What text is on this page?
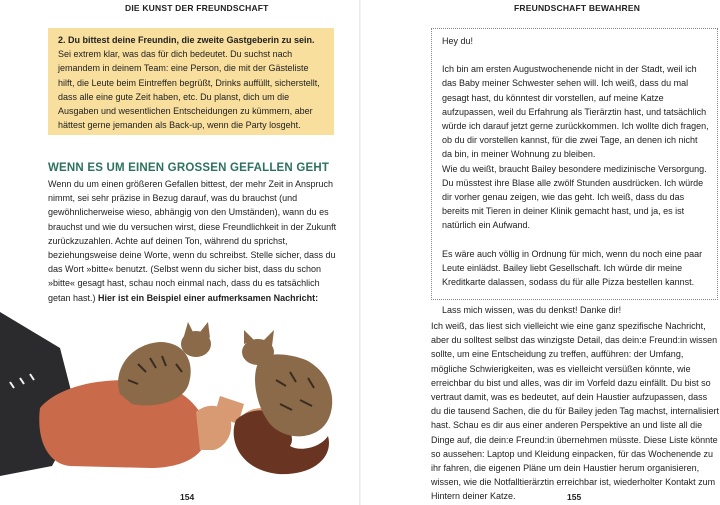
DIE KUNST DER FREUNDSCHAFT	FREUNDSCHAFT BEWAHREN

2. Du bittest deine Freundin, die zweite Gastgeberin zu sein. Sei extrem klar, was das für dich bedeutet. Du suchst nach jemandem in deinem Team: eine Person, die mit der Gästeliste hilft, die Leute beim Eintreffen begrüßt, Drinks auffüllt, sicherstellt, dass alle eine gute Zeit haben, etc. Du planst, dich um die Ausgaben und wesentlichen Entscheidungen zu kümmern, aber hättest gerne jemanden als Back-up, wenn die Party losgeht.

WENN ES UM EINEN GROSSEN GEFALLEN GEHT

Wenn du um einen größeren Gefallen bittest, der mehr Zeit in Anspruch nimmt, sei sehr präzise in Bezug darauf, was du brauchst (und gewöhnlicherweise wieso, abhängig von den Umständen), wann du es brauchst und wie du versuchen wirst, diese Freundlichkeit in der Zukunft zurückzuzahlen. Achte auf deinen Ton, während du sprichst, beziehungsweise deine Worte, wenn du schreibst. Stelle sicher, dass du das Wort »bitte« benutzt. (Selbst wenn du sicher bist, dass du schon »bitte« gesagt hast, schau noch einmal nach, dass du es tatsächlich getan hast.) Hier ist ein Beispiel einer aufmerksamen Nachricht:

154

Hey du!

Ich bin am ersten Augustwochenende nicht in der Stadt, weil ich das Baby meiner Schwester sehen will. Ich weiß, dass du mal gesagt hast, du könntest dir vorstellen, auf meine Katze aufzupassen, weil du Erfahrung als Tierärztin hast, und tatsächlich würde ich darauf jetzt gerne zurückkommen. Ich wollte dich fragen, ob du dir vorstellen kannst, für die zwei Tage, an denen ich nicht da bin, in meiner Wohnung zu bleiben.

Wie du weißt, braucht Bailey besondere medizinische Versorgung. Du müsstest ihre Blase alle zwölf Stunden ausdrücken. Ich würde dir vorher genau zeigen, wie das geht. Ich weiß, dass du das bereits mit Tieren in deiner Klinik gemacht hast, und ja, es ist natürlich ein Aufwand.

Es wäre auch völlig in Ordnung für mich, wenn du noch eine paar Leute einlädst. Bailey liebt Gesellschaft. Ich würde dir meine Kreditkarte dalassen, sodass du für alle Pizza bestellen kannst.

Lass mich wissen, was du denkst! Danke dir!

Ich weiß, das liest sich vielleicht wie eine ganz spezifische Nachricht, aber du solltest selbst das winzigste Detail, das dein:e Freund:in wissen sollte, um eine Entscheidung zu treffen, aufführen: der Umfang, mögliche Schwierigkeiten, was es vielleicht versüßen könnte, wie erreichbar du bist und alles, was dir im Vorfeld dazu einfällt. Du bist so vertraut damit, was es bedeutet, auf dein Haustier aufzupassen, dass du die tausend Sachen, die du für Bailey jeden Tag machst, internalisiert hast. Schau es dir aus einer anderen Perspektive an und liste all die Dinge auf, die dein:e Freund:in übernehmen müsste. Diese Liste könnte so aussehen: Laptop und Kleidung einpacken, für das Wochenende zu ihr fahren, die eigenen Pläne um dein Haustier herum organisieren, wissen, wie die Notfalltierärztin erreichbar ist, wiederholter Kontakt zum Hintern deiner Katze.	155
